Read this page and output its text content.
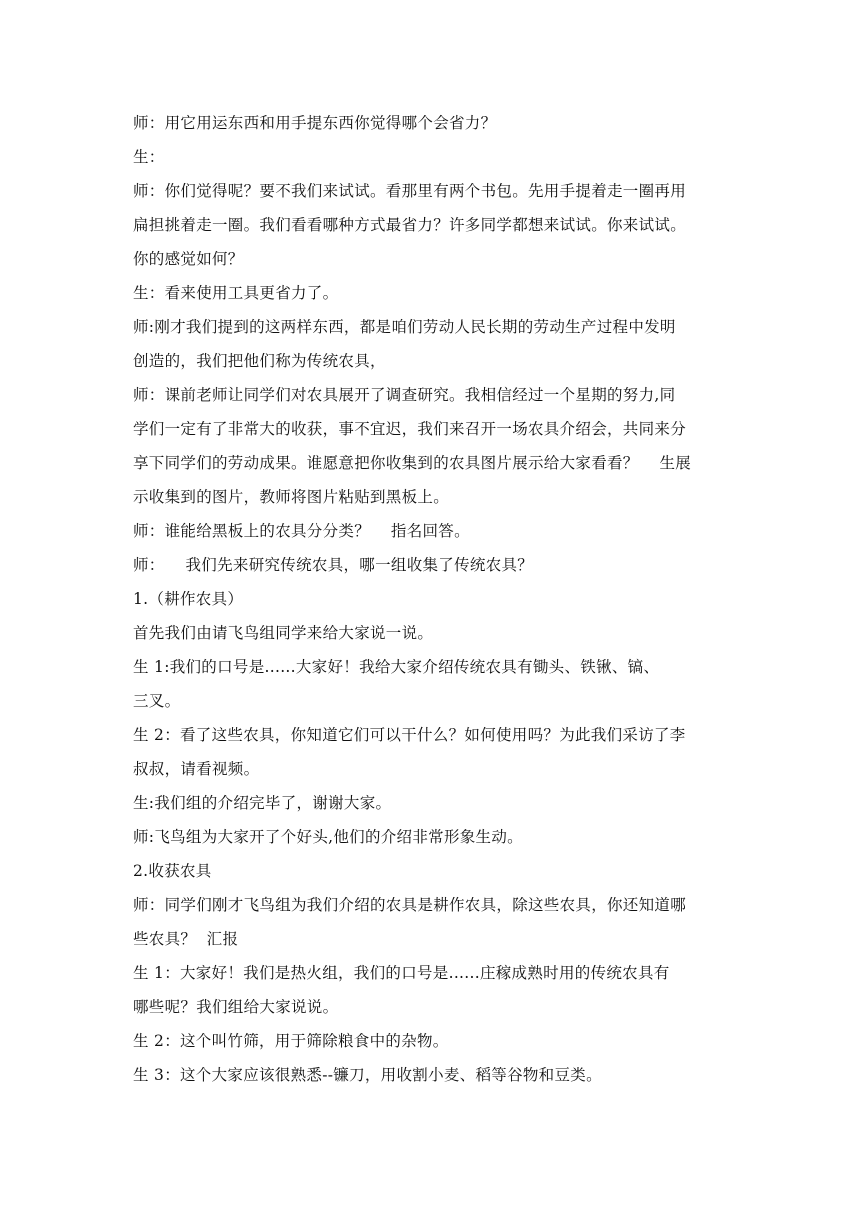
师：用它用运东西和用手提东西你觉得哪个会省力？
生：
师：你们觉得呢？要不我们来试试。看那里有两个书包。先用手提着走一圈再用
扁担挑着走一圈。我们看看哪种方式最省力？许多同学都想来试试。你来试试。
你的感觉如何？
生：看来使用工具更省力了。
师:刚才我们提到的这两样东西，都是咱们劳动人民长期的劳动生产过程中发明
创造的，我们把他们称为传统农具，
师：课前老师让同学们对农具展开了调查研究。我相信经过一个星期的努力,同
学们一定有了非常大的收获，事不宜迟，我们来召开一场农具介绍会，共同来分
享下同学们的劳动成果。谁愿意把你收集到的农具图片展示给大家看看？    生展
示收集到的图片，教师将图片粘贴到黑板上。
师：谁能给黑板上的农具分分类？    指名回答。
师：    我们先来研究传统农具，哪一组收集了传统农具？
1.（耕作农具）
首先我们由请飞鸟组同学来给大家说一说。
生 1:我们的口号是......大家好！我给大家介绍传统农具有锄头、铁锹、镐、
三叉。
生 2：看了这些农具，你知道它们可以干什么？如何使用吗？为此我们采访了李
叔叔，请看视频。
生:我们组的介绍完毕了，谢谢大家。
师:飞鸟组为大家开了个好头,他们的介绍非常形象生动。
2.收获农具
师：同学们刚才飞鸟组为我们介绍的农具是耕作农具，除这些农具，你还知道哪
些农具？  汇报
生 1：大家好！我们是热火组，我们的口号是......庄稼成熟时用的传统农具有
哪些呢？我们组给大家说说。
生 2：这个叫竹筛，用于筛除粮食中的杂物。
生 3：这个大家应该很熟悉--镰刀，用收割小麦、稻等谷物和豆类。
